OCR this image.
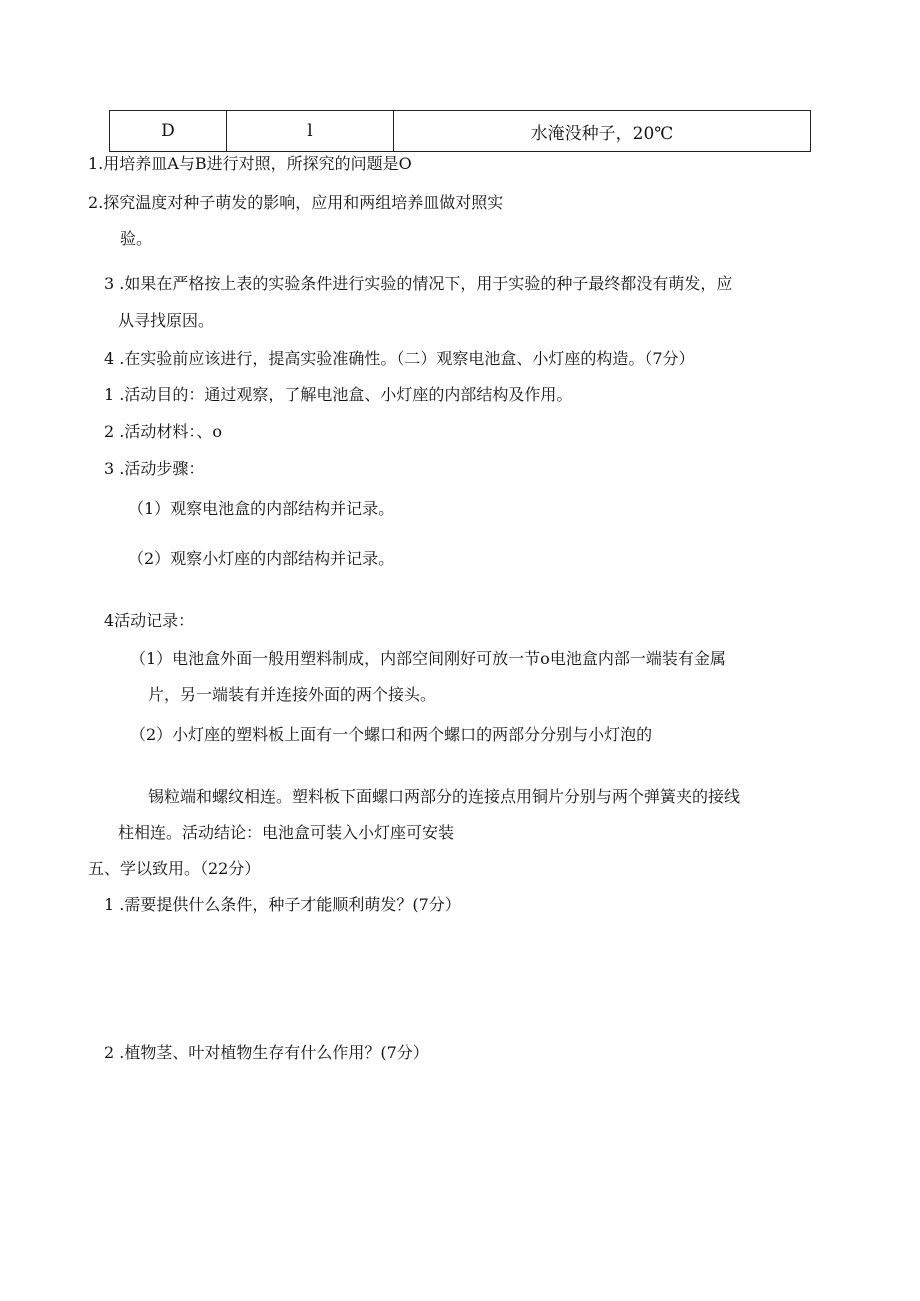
D	l	水淹没种子，20℃
1.用培养皿A与B进行对照，所探究的问题是O
2.探究温度对种子萌发的影响，应用和两组培养皿做对照实
验。
3 .如果在严格按上表的实验条件进行实验的情况下，用于实验的种子最终都没有萌发，应
从寻找原因。
4 .在实验前应该进行，提高实验准确性。（二）观察电池盒、小灯座的构造。（7分）
1 .活动目的：通过观察，了解电池盒、小灯座的内部结构及作用。
2 .活动材料：、o
3 .活动步骤：
（1）观察电池盒的内部结构并记录。
（2）观察小灯座的内部结构并记录。
4活动记录：
（1）电池盒外面一般用塑料制成，内部空间刚好可放一节o电池盒内部一端装有金属
片，另一端装有并连接外面的两个接头。
（2）小灯座的塑料板上面有一个螺口和两个螺口的两部分分别与小灯泡的
锡粒端和螺纹相连。塑料板下面螺口两部分的连接点用铜片分别与两个弹簧夹的接线
柱相连。活动结论：电池盒可装入小灯座可安装
五、学以致用。（22分）
1 .需要提供什么条件，种子才能顺利萌发？(7分）
2 .植物茎、叶对植物生存有什么作用？(7分）
